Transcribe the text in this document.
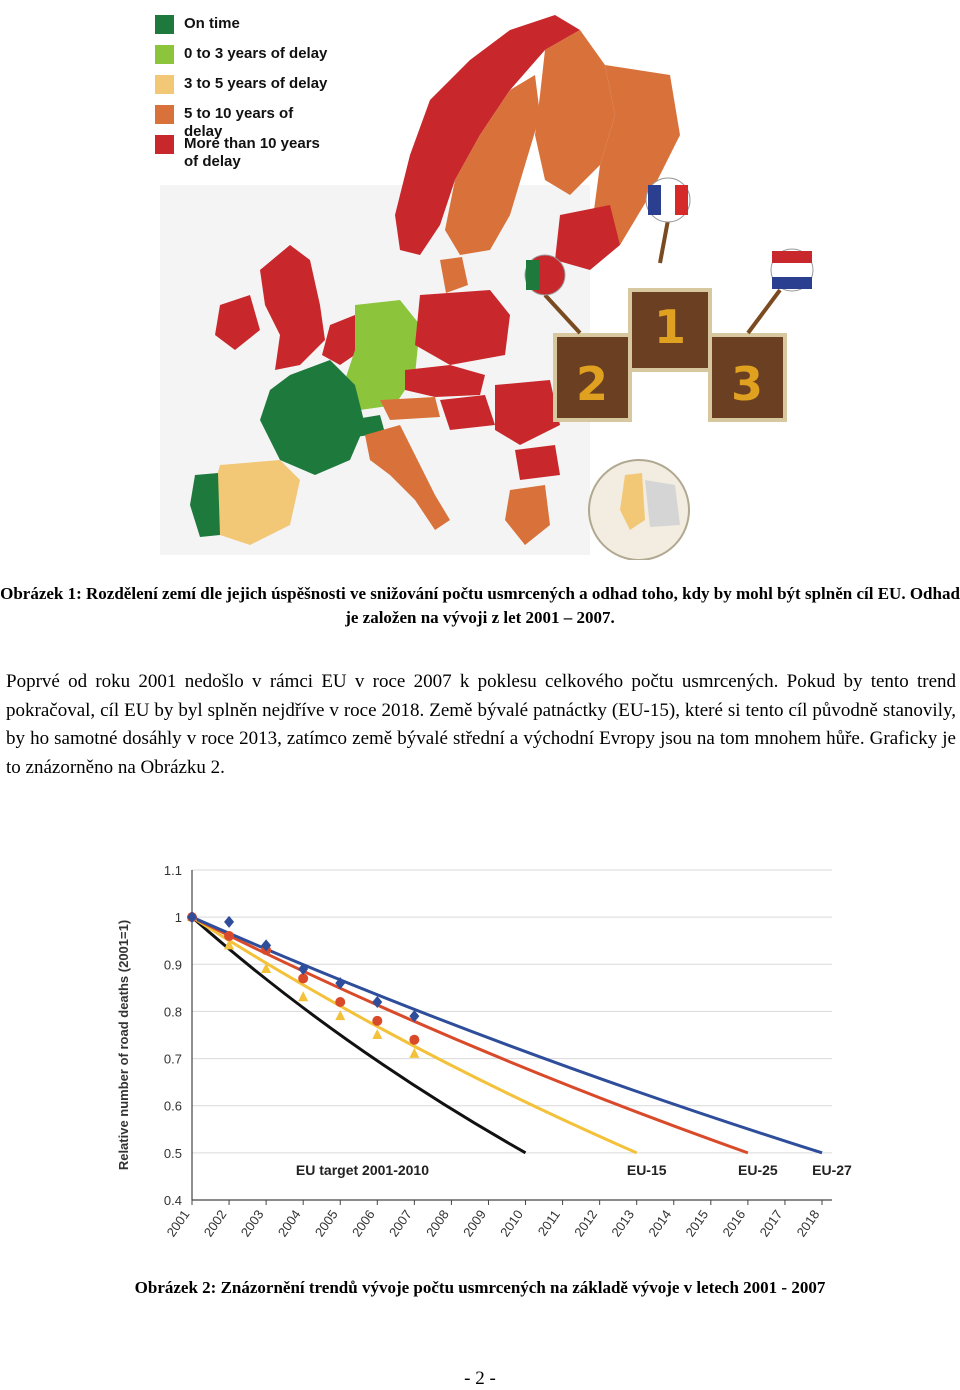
1
2	3
On time
0 to 3 years of delay
3 to 5 years of delay
5 to 10 years of delay
More than 10 years of delay
Obrázek 1: Rozdělení zemí dle jejich úspěšnosti ve snižování počtu usmrcených a odhad toho, kdy by mohl být splněn cíl EU. Odhad je založen na vývoji z let 2001 – 2007.
Poprvé od roku 2001 nedošlo v rámci EU v roce 2007 k poklesu celkového počtu usmrcených. Pokud by tento trend pokračoval, cíl EU by byl splněn nejdříve v roce 2018. Země bývalé patnáctky (EU-15), které si tento cíl původně stanovily, by ho samotné dosáhly v roce 2013, zatímco země bývalé střední a východní Evropy jsou na tom mnohem hůře. Graficky je to znázorněno na Obrázku 2.
1.1
1
0.9
0.8
0.7
0.6
0.5
0.4
2001 2002 2003 2004 2005 2006 2007 2008 2009 2010 2011 2012 2013 2014 2015 2016 2017 2018
EU target 2001-2010	EU-15	EU-25 EU-27
Relative number of road deaths (2001=1)
Obrázek 2: Znázornění trendů vývoje počtu usmrcených na základě vývoje v letech 2001 - 2007
- 2 -
